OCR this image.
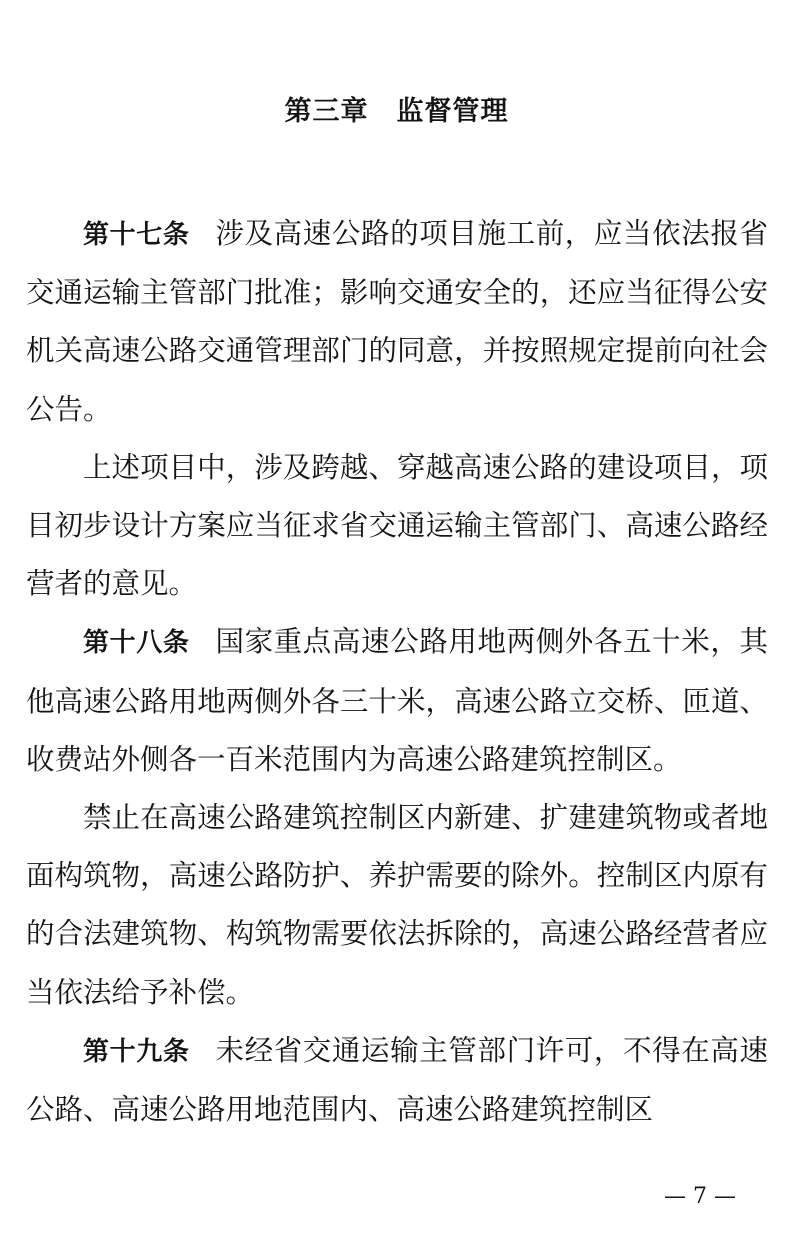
第三章　监督管理

第十七条 涉及高速公路的项目施工前，应当依法报省交通运输主管部门批准；影响交通安全的，还应当征得公安机关高速公路交通管理部门的同意，并按照规定提前向社会公告。

上述项目中，涉及跨越、穿越高速公路的建设项目，项目初步设计方案应当征求省交通运输主管部门、高速公路经营者的意见。

第十八条 国家重点高速公路用地两侧外各五十米，其他高速公路用地两侧外各三十米，高速公路立交桥、匝道、收费站外侧各一百米范围内为高速公路建筑控制区。

禁止在高速公路建筑控制区内新建、扩建建筑物或者地面构筑物，高速公路防护、养护需要的除外。控制区内原有的合法建筑物、构筑物需要依法拆除的，高速公路经营者应当依法给予补偿。

第十九条 未经省交通运输主管部门许可，不得在高速公路、高速公路用地范围内、高速公路建筑控制区

— 7 —
